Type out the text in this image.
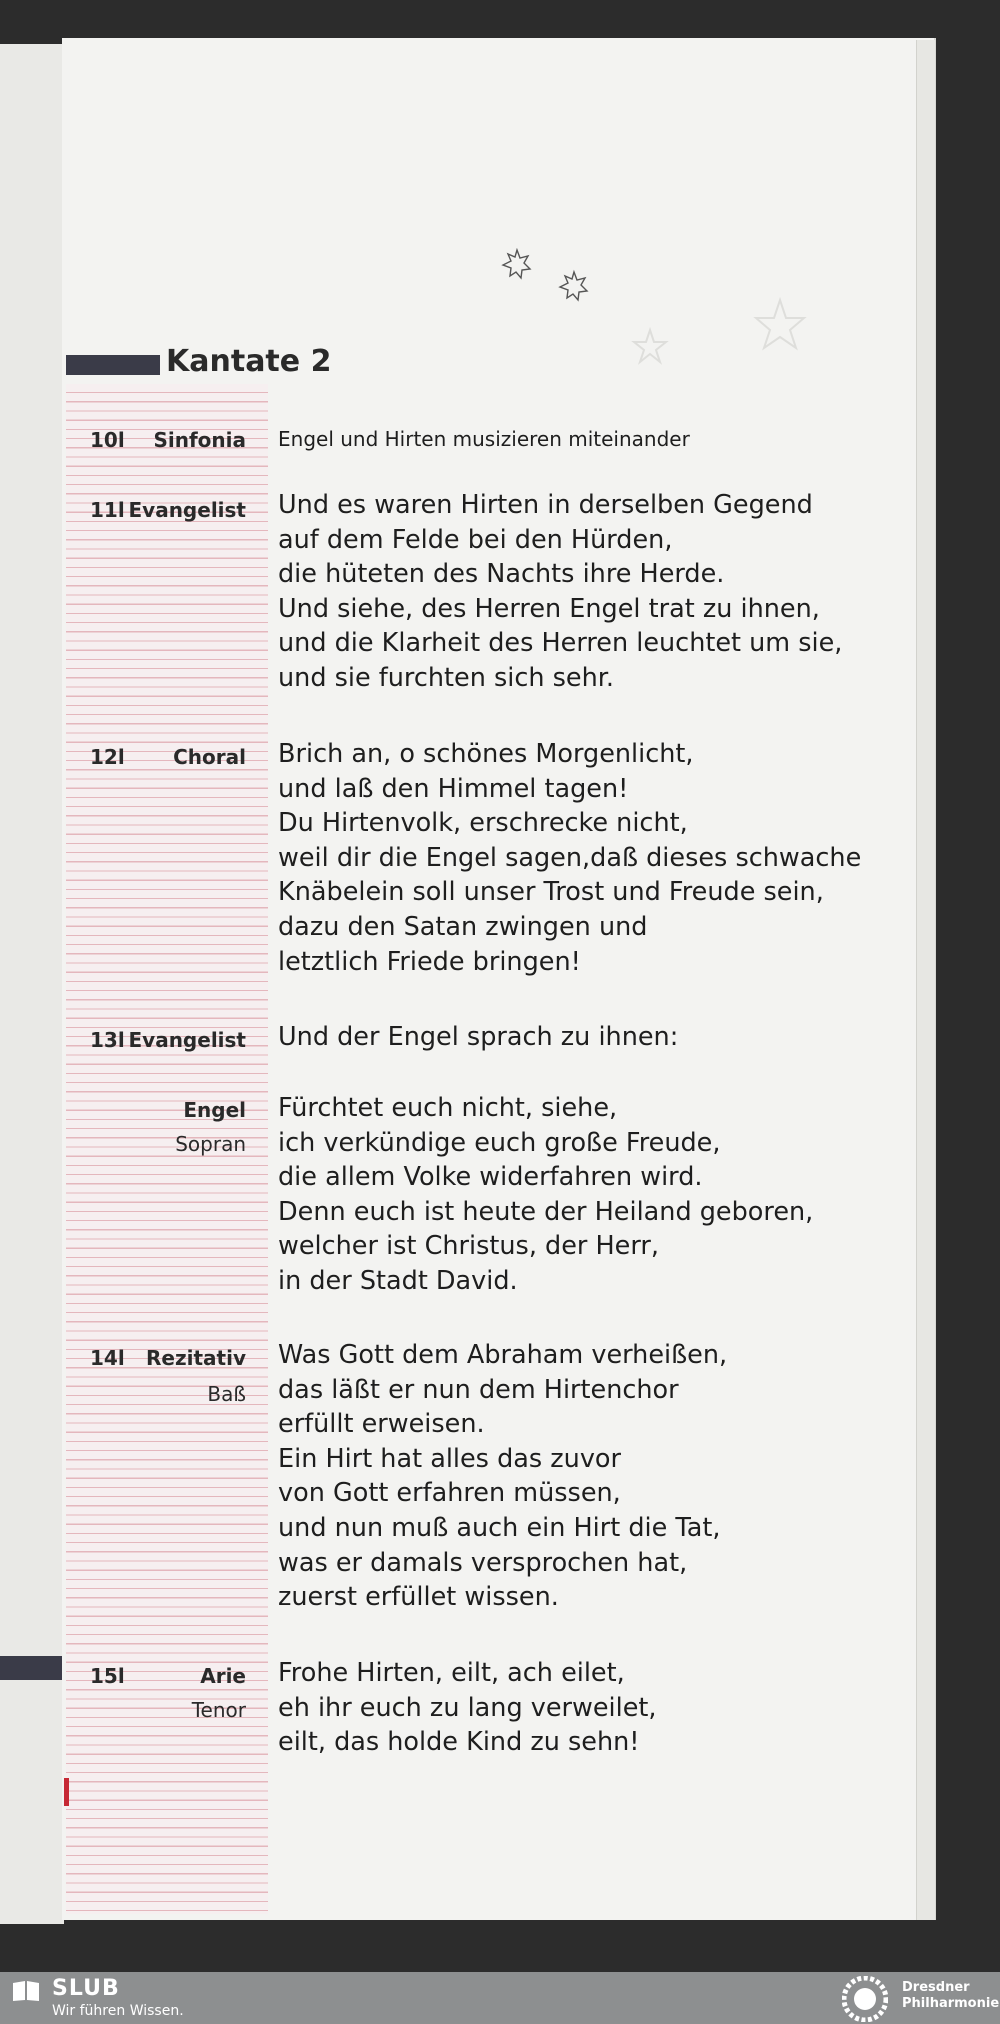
Kantate 2
10l Sinfonia Engel und Hirten musizieren miteinander
11l Evangelist Und es waren Hirten in derselben Gegend
auf dem Felde bei den Hürden,
die hüteten des Nachts ihre Herde.
Und siehe, des Herren Engel trat zu ihnen,
und die Klarheit des Herren leuchtet um sie,
und sie furchten sich sehr.
12l Choral Brich an, o schönes Morgenlicht,
und laß den Himmel tagen!
Du Hirtenvolk, erschrecke nicht,
weil dir die Engel sagen,daß dieses schwache
Knäbelein soll unser Trost und Freude sein,
dazu den Satan zwingen und
letztlich Friede bringen!
13l Evangelist Und der Engel sprach zu ihnen:
Engel
Sopran
Fürchtet euch nicht, siehe,
ich verkündige euch große Freude,
die allem Volke widerfahren wird.
Denn euch ist heute der Heiland geboren,
welcher ist Christus, der Herr,
in der Stadt David.
14l Rezitativ
Baß
Was Gott dem Abraham verheißen,
das läßt er nun dem Hirtenchor
erfüllt erweisen.
Ein Hirt hat alles das zuvor
von Gott erfahren müssen,
und nun muß auch ein Hirt die Tat,
was er damals versprochen hat,
zuerst erfüllet wissen.
15l	Arie
Tenor
Frohe Hirten, eilt, ach eilet,
eh ihr euch zu lang verweilet,
eilt, das holde Kind zu sehn!
SLUB
Wir führen Wissen.
Dresdner
Philharmonie
